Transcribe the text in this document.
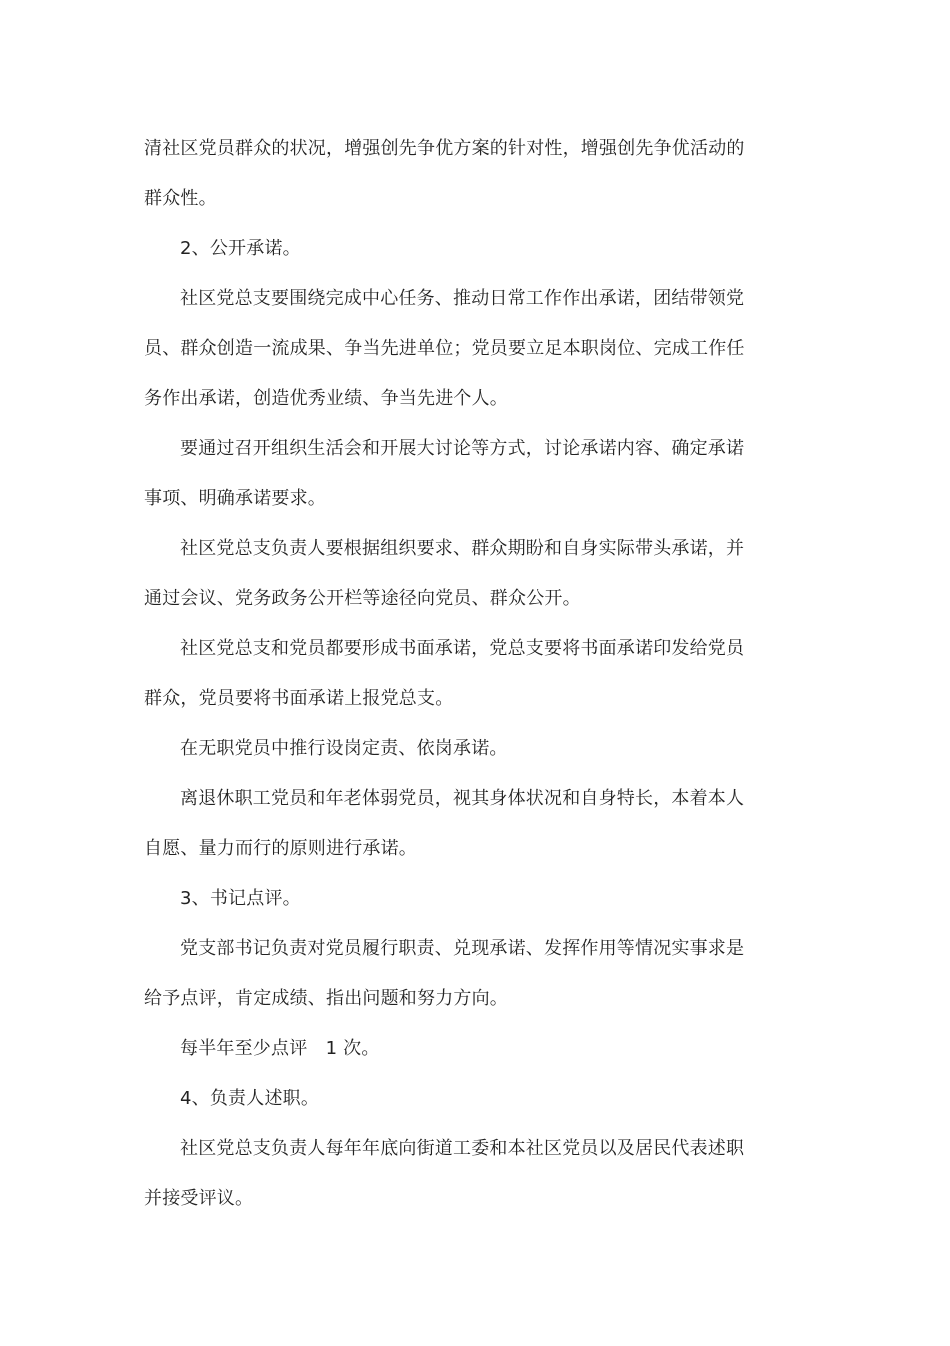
清社区党员群众的状况，增强创先争优方案的针对性，增强创先争优活动的群众性。

2、公开承诺。

社区党总支要围绕完成中心任务、推动日常工作作出承诺，团结带领党员、群众创造一流成果、争当先进单位；党员要立足本职岗位、完成工作任务作出承诺，创造优秀业绩、争当先进个人。

要通过召开组织生活会和开展大讨论等方式，讨论承诺内容、确定承诺事项、明确承诺要求。

社区党总支负责人要根据组织要求、群众期盼和自身实际带头承诺，并通过会议、党务政务公开栏等途径向党员、群众公开。

社区党总支和党员都要形成书面承诺，党总支要将书面承诺印发给党员群众，党员要将书面承诺上报党总支。

在无职党员中推行设岗定责、依岗承诺。

离退休职工党员和年老体弱党员，视其身体状况和自身特长，本着本人自愿、量力而行的原则进行承诺。

3、书记点评。

党支部书记负责对党员履行职责、兑现承诺、发挥作用等情况实事求是给予点评，肯定成绩、指出问题和努力方向。

每半年至少点评　1 次。

4、负责人述职。

社区党总支负责人每年年底向街道工委和本社区党员以及居民代表述职并接受评议。
